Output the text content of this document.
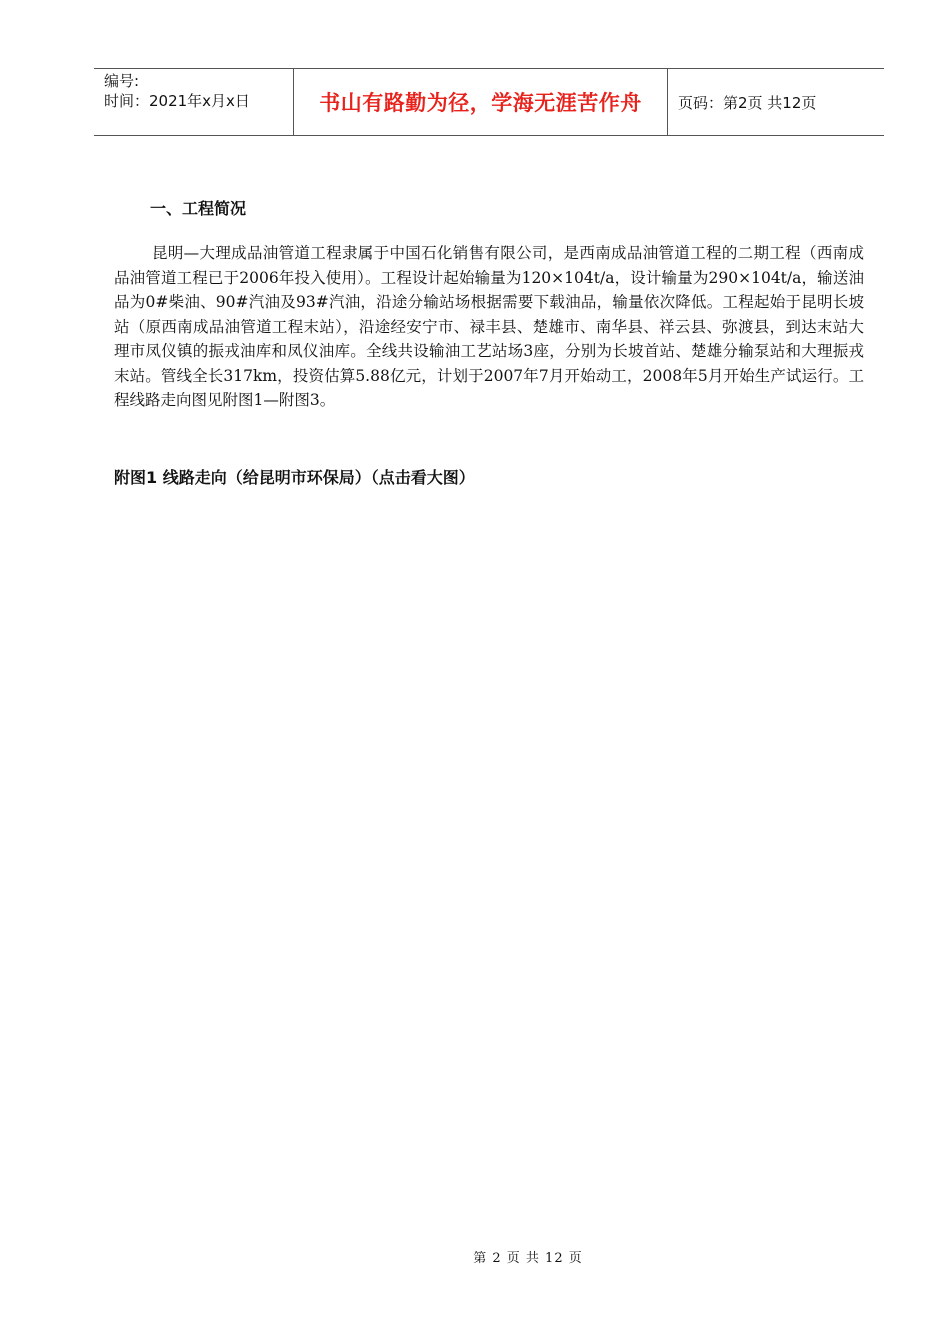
编号:
时间：2021年x月x日	书山有路勤为径，学海无涯苦作舟	页码：第2页 共12页
一、工程简况

昆明—大理成品油管道工程隶属于中国石化销售有限公司，是西南成品油管道工程的二期工程（西南成品油管道工程已于2006年投入使用）。工程设计起始输量为120×104t/a，设计输量为290×104t/a，输送油品为0#柴油、90#汽油及93#汽油，沿途分输站场根据需要下载油品，输量依次降低。工程起始于昆明长坡站（原西南成品油管道工程末站），沿途经安宁市、禄丰县、楚雄市、南华县、祥云县、弥渡县，到达末站大理市凤仪镇的振戎油库和凤仪油库。全线共设输油工艺站场3座，分别为长坡首站、楚雄分输泵站和大理振戎末站。管线全长317km，投资估算5.88亿元，计划于2007年7月开始动工，2008年5月开始生产试运行。工程线路走向图见附图1—附图3。

附图1 线路走向（给昆明市环保局）（点击看大图）
第 2 页 共 12 页
